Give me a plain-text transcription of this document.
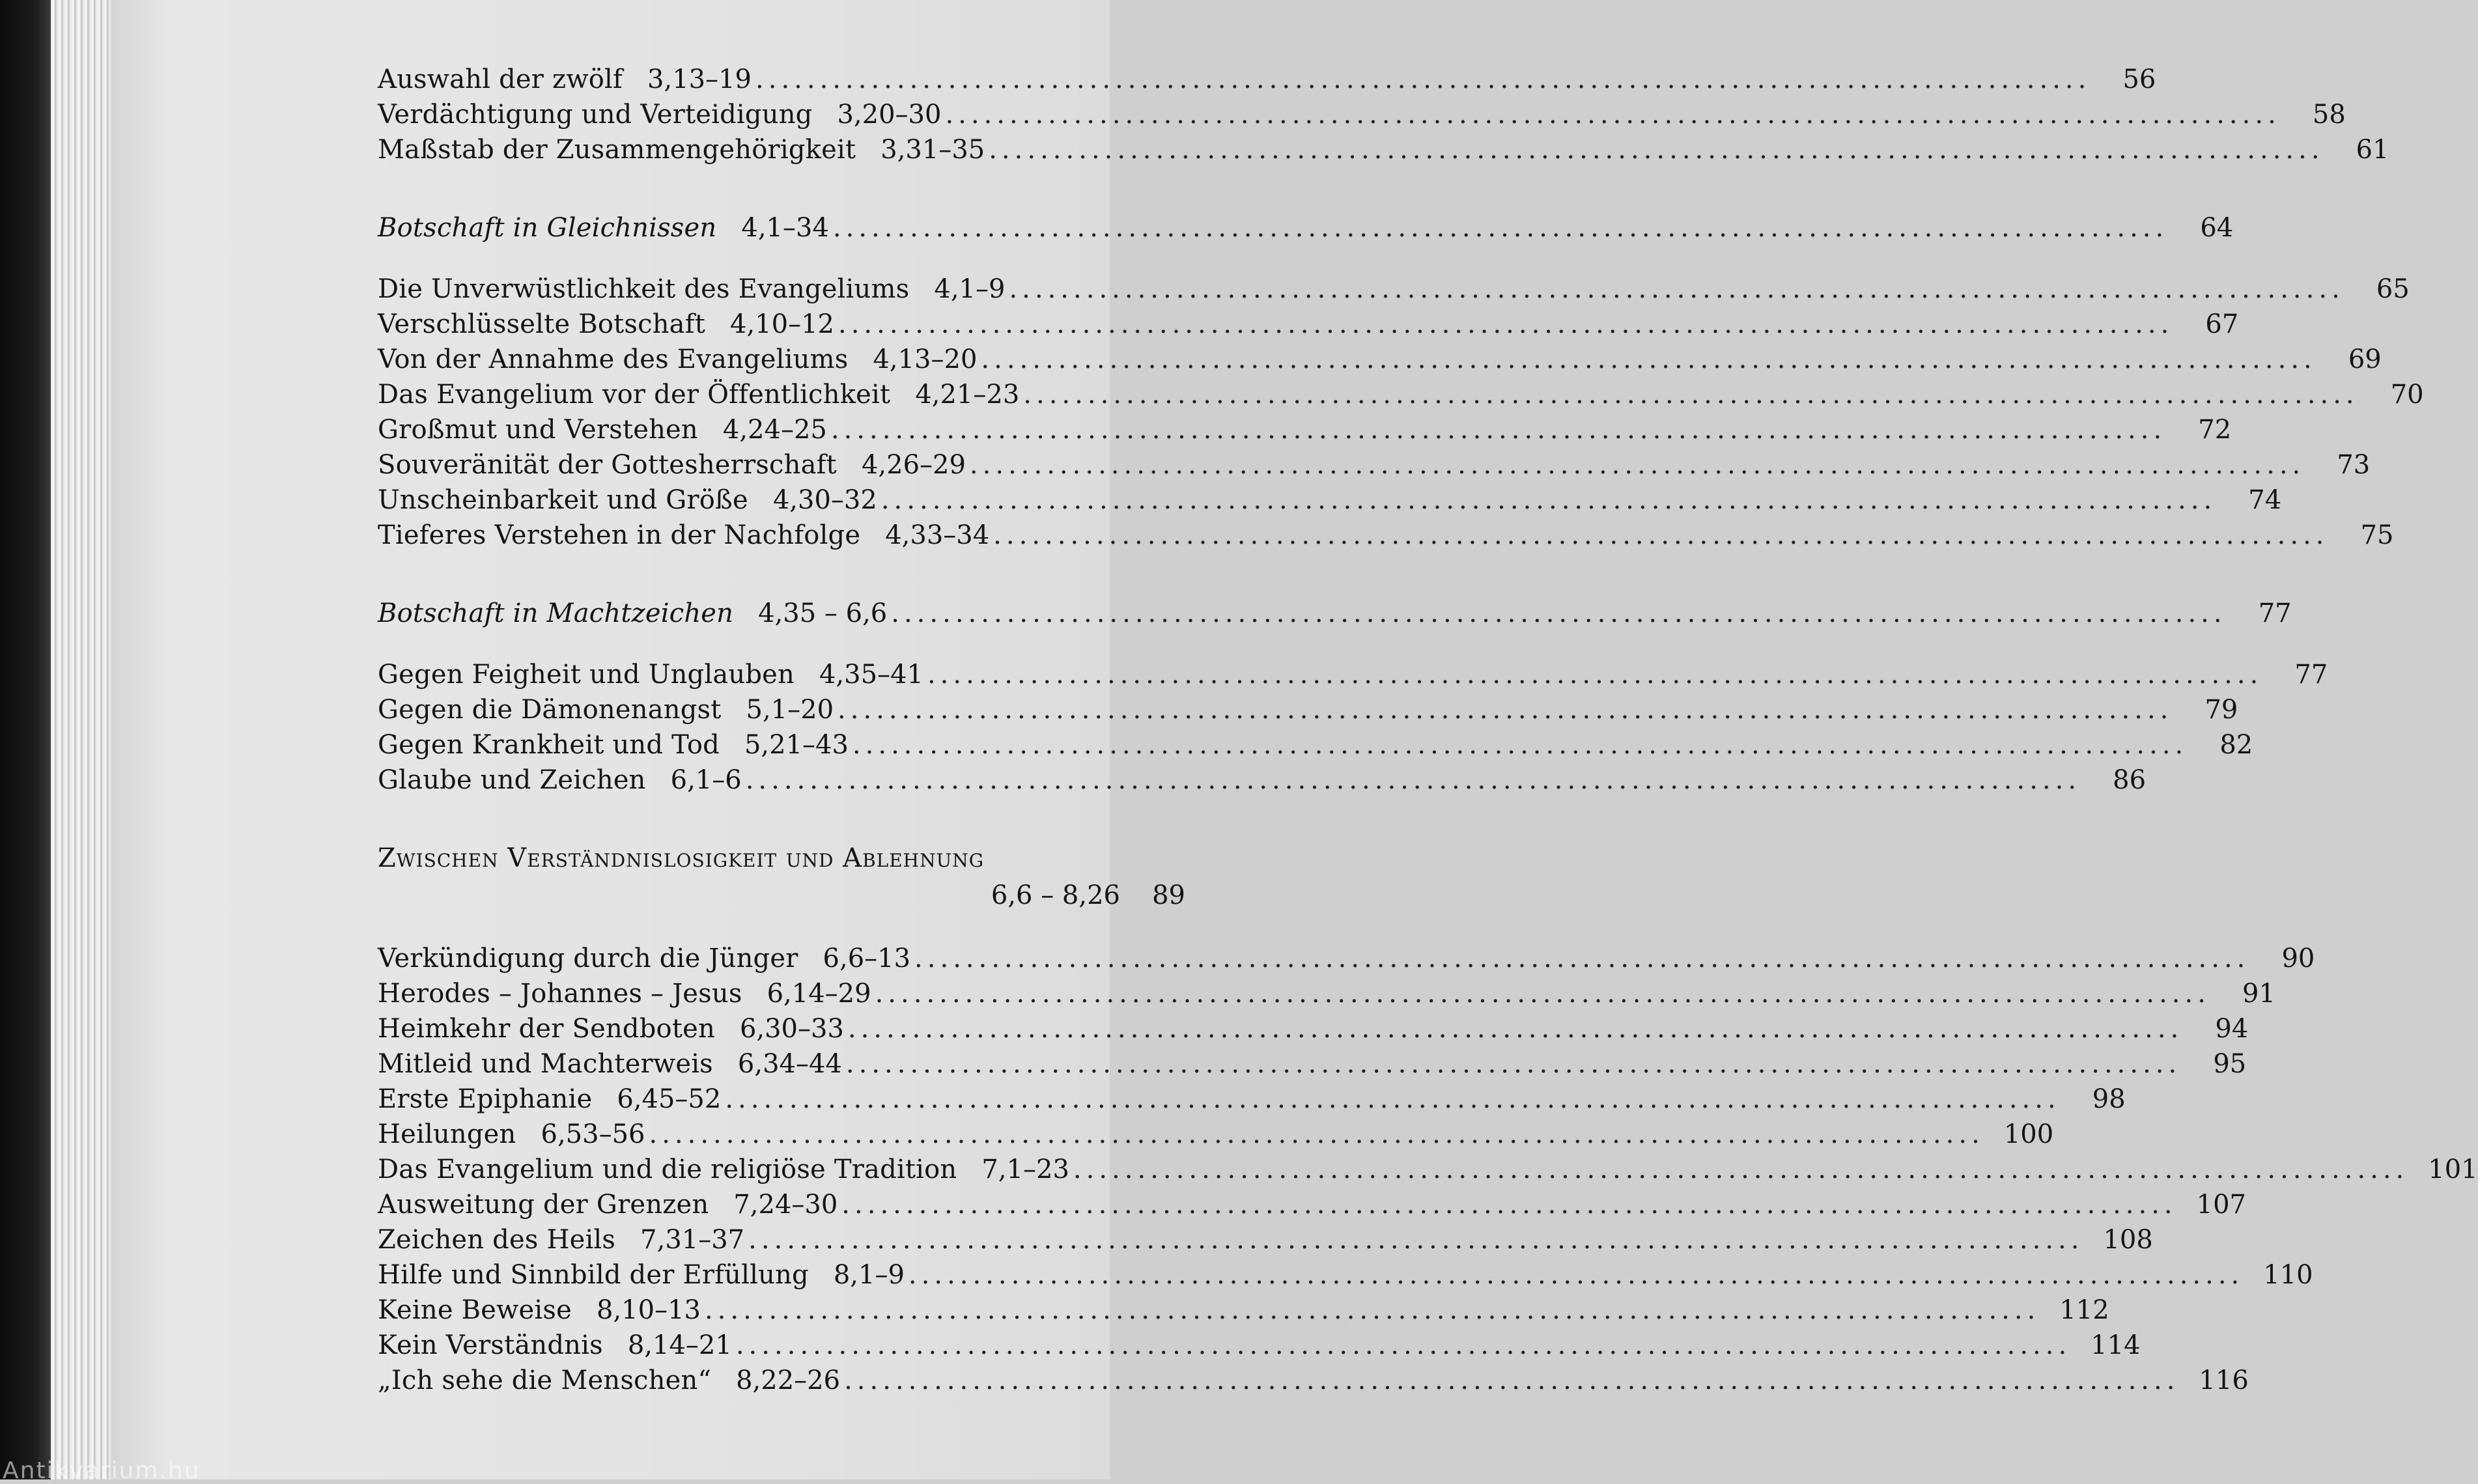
Auswahl der zwölf 3,13–19 ........................................................................................................	56
Verdächtigung und Verteidigung 3,20–30 ........................................................................................................	58
Maßstab der Zusammengehörigkeit 3,31–35 ........................................................................................................	61
Botschaft in Gleichnissen 4,1–34 ........................................................................................................	64
Die Unverwüstlichkeit des Evangeliums 4,1–9 ........................................................................................................	65
Verschlüsselte Botschaft 4,10–12 ........................................................................................................	67
Von der Annahme des Evangeliums 4,13–20 ........................................................................................................	69
Das Evangelium vor der Öffentlichkeit 4,21–23 ........................................................................................................	70
Großmut und Verstehen 4,24–25 ........................................................................................................	72
Souveränität der Gottesherrschaft 4,26–29 ........................................................................................................	73
Unscheinbarkeit und Größe 4,30–32 ........................................................................................................	74
Tieferes Verstehen in der Nachfolge 4,33–34 ........................................................................................................	75
Botschaft in Machtzeichen 4,35 – 6,6 ........................................................................................................	77
Gegen Feigheit und Unglauben 4,35–41 ........................................................................................................	77
Gegen die Dämonenangst 5,1–20 ........................................................................................................	79
Gegen Krankheit und Tod 5,21–43 ........................................................................................................	82
Glaube und Zeichen 6,1–6 ........................................................................................................	86
Zwischen Verständnislosigkeit und Ablehnung
6,6 – 8,26	89
Verkündigung durch die Jünger 6,6–13 ........................................................................................................	90
Herodes – Johannes – Jesus 6,14–29 ........................................................................................................	91
Heimkehr der Sendboten 6,30–33 ........................................................................................................	94
Mitleid und Machterweis 6,34–44 ........................................................................................................	95
Erste Epiphanie 6,45–52 ........................................................................................................	98
Heilungen 6,53–56 ........................................................................................................ 100
Das Evangelium und die religiöse Tradition 7,1–23 ........................................................................................................ 101
Ausweitung der Grenzen 7,24–30 ........................................................................................................ 107
Zeichen des Heils 7,31–37 ........................................................................................................ 108
Hilfe und Sinnbild der Erfüllung 8,1–9 ........................................................................................................ 110
Keine Beweise 8,10–13 ........................................................................................................ 112
Kein Verständnis 8,14–21 ........................................................................................................ 114
„Ich sehe die Menschen“ 8,22–26 ........................................................................................................ 116
Antikvarium.hu
